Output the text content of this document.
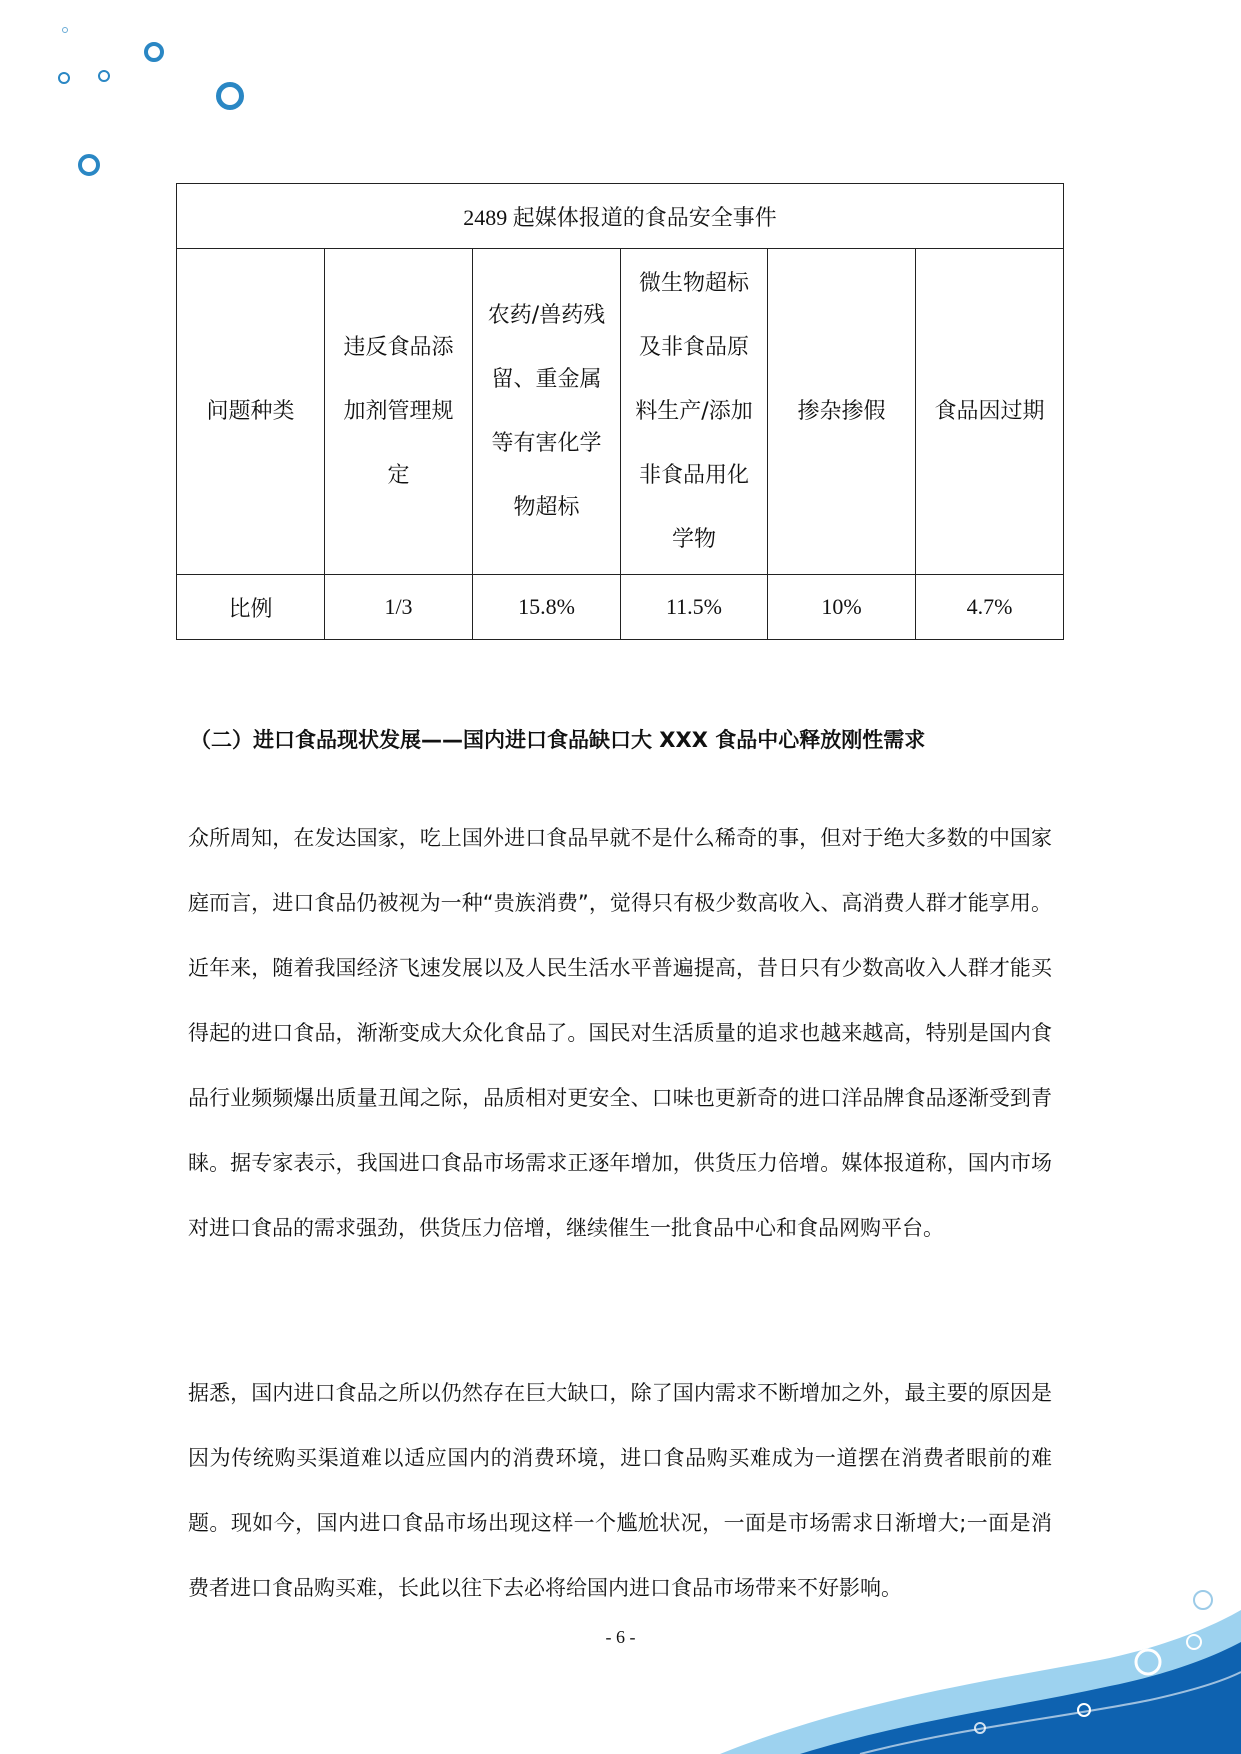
2489 起媒体报道的食品安全事件					
问题种类	违反食品添加剂管理规定	农药/兽药残留、重金属等有害化学物超标	微生物超标及非食品原料生产/添加非食品用化学物	掺杂掺假	食品因过期
比例	1/3	15.8%	11.5%	10%	4.7%
（二）进口食品现状发展——国内进口食品缺口大 XXX 食品中心释放刚性需求

众所周知，在发达国家，吃上国外进口食品早就不是什么稀奇的事，但对于绝大多数的中国家庭而言，进口食品仍被视为一种“贵族消费”，觉得只有极少数高收入、高消费人群才能享用。近年来，随着我国经济飞速发展以及人民生活水平普遍提高，昔日只有少数高收入人群才能买得起的进口食品，渐渐变成大众化食品了。国民对生活质量的追求也越来越高，特别是国内食品行业频频爆出质量丑闻之际，品质相对更安全、口味也更新奇的进口洋品牌食品逐渐受到青睐。据专家表示，我国进口食品市场需求正逐年增加，供货压力倍增。媒体报道称，国内市场对进口食品的需求强劲，供货压力倍增，继续催生一批食品中心和食品网购平台。

据悉，国内进口食品之所以仍然存在巨大缺口，除了国内需求不断增加之外，最主要的原因是因为传统购买渠道难以适应国内的消费环境，进口食品购买难成为一道摆在消费者眼前的难题。现如今，国内进口食品市场出现这样一个尴尬状况，一面是市场需求日渐增大;一面是消费者进口食品购买难，长此以往下去必将给国内进口食品市场带来不好影响。

- 6 -
